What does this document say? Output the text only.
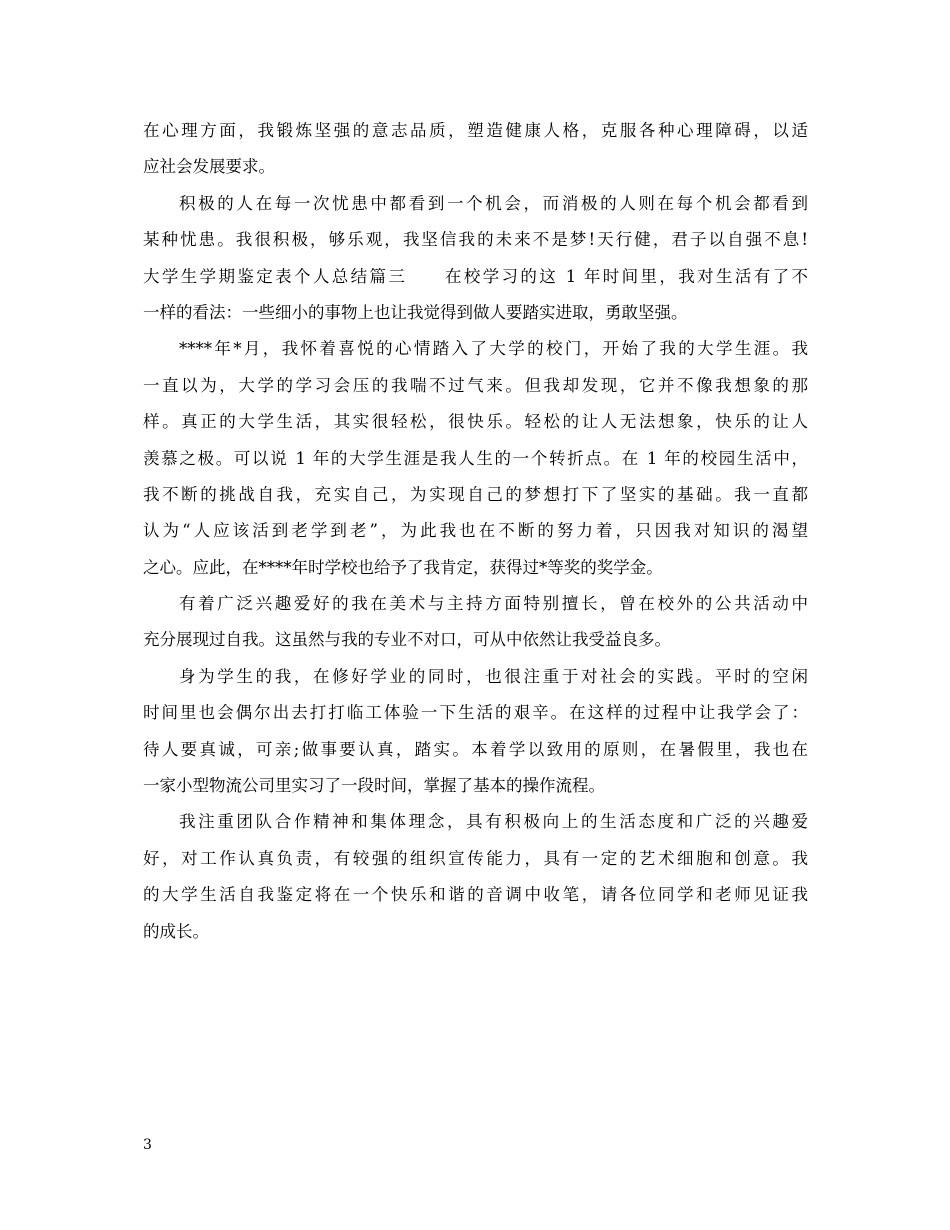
在心理方面，我锻炼坚强的意志品质，塑造健康人格，克服各种心理障碍，以适
应社会发展要求。
积极的人在每一次忧患中都看到一个机会，而消极的人则在每个机会都看到
某种忧患。我很积极，够乐观，我坚信我的未来不是梦!天行健，君子以自强不息!
大学生学期鉴定表个人总结篇三　　在校学习的这 1 年时间里，我对生活有了不
一样的看法：一些细小的事物上也让我觉得到做人要踏实进取，勇敢坚强。
****年*月，我怀着喜悦的心情踏入了大学的校门，开始了我的大学生涯。我
一直以为，大学的学习会压的我喘不过气来。但我却发现，它并不像我想象的那
样。真正的大学生活，其实很轻松，很快乐。轻松的让人无法想象，快乐的让人
羡慕之极。可以说 1 年的大学生涯是我人生的一个转折点。在 1 年的校园生活中，
我不断的挑战自我，充实自己，为实现自己的梦想打下了坚实的基础。我一直都
认为“人应该活到老学到老”，为此我也在不断的努力着，只因我对知识的渴望
之心。应此，在****年时学校也给予了我肯定，获得过*等奖的奖学金。
有着广泛兴趣爱好的我在美术与主持方面特别擅长，曾在校外的公共活动中
充分展现过自我。这虽然与我的专业不对口，可从中依然让我受益良多。
身为学生的我，在修好学业的同时，也很注重于对社会的实践。平时的空闲
时间里也会偶尔出去打打临工体验一下生活的艰辛。在这样的过程中让我学会了：
待人要真诚，可亲;做事要认真，踏实。本着学以致用的原则，在暑假里，我也在
一家小型物流公司里实习了一段时间，掌握了基本的操作流程。
我注重团队合作精神和集体理念，具有积极向上的生活态度和广泛的兴趣爱
好，对工作认真负责，有较强的组织宣传能力，具有一定的艺术细胞和创意。我
的大学生活自我鉴定将在一个快乐和谐的音调中收笔，请各位同学和老师见证我
的成长。
3
